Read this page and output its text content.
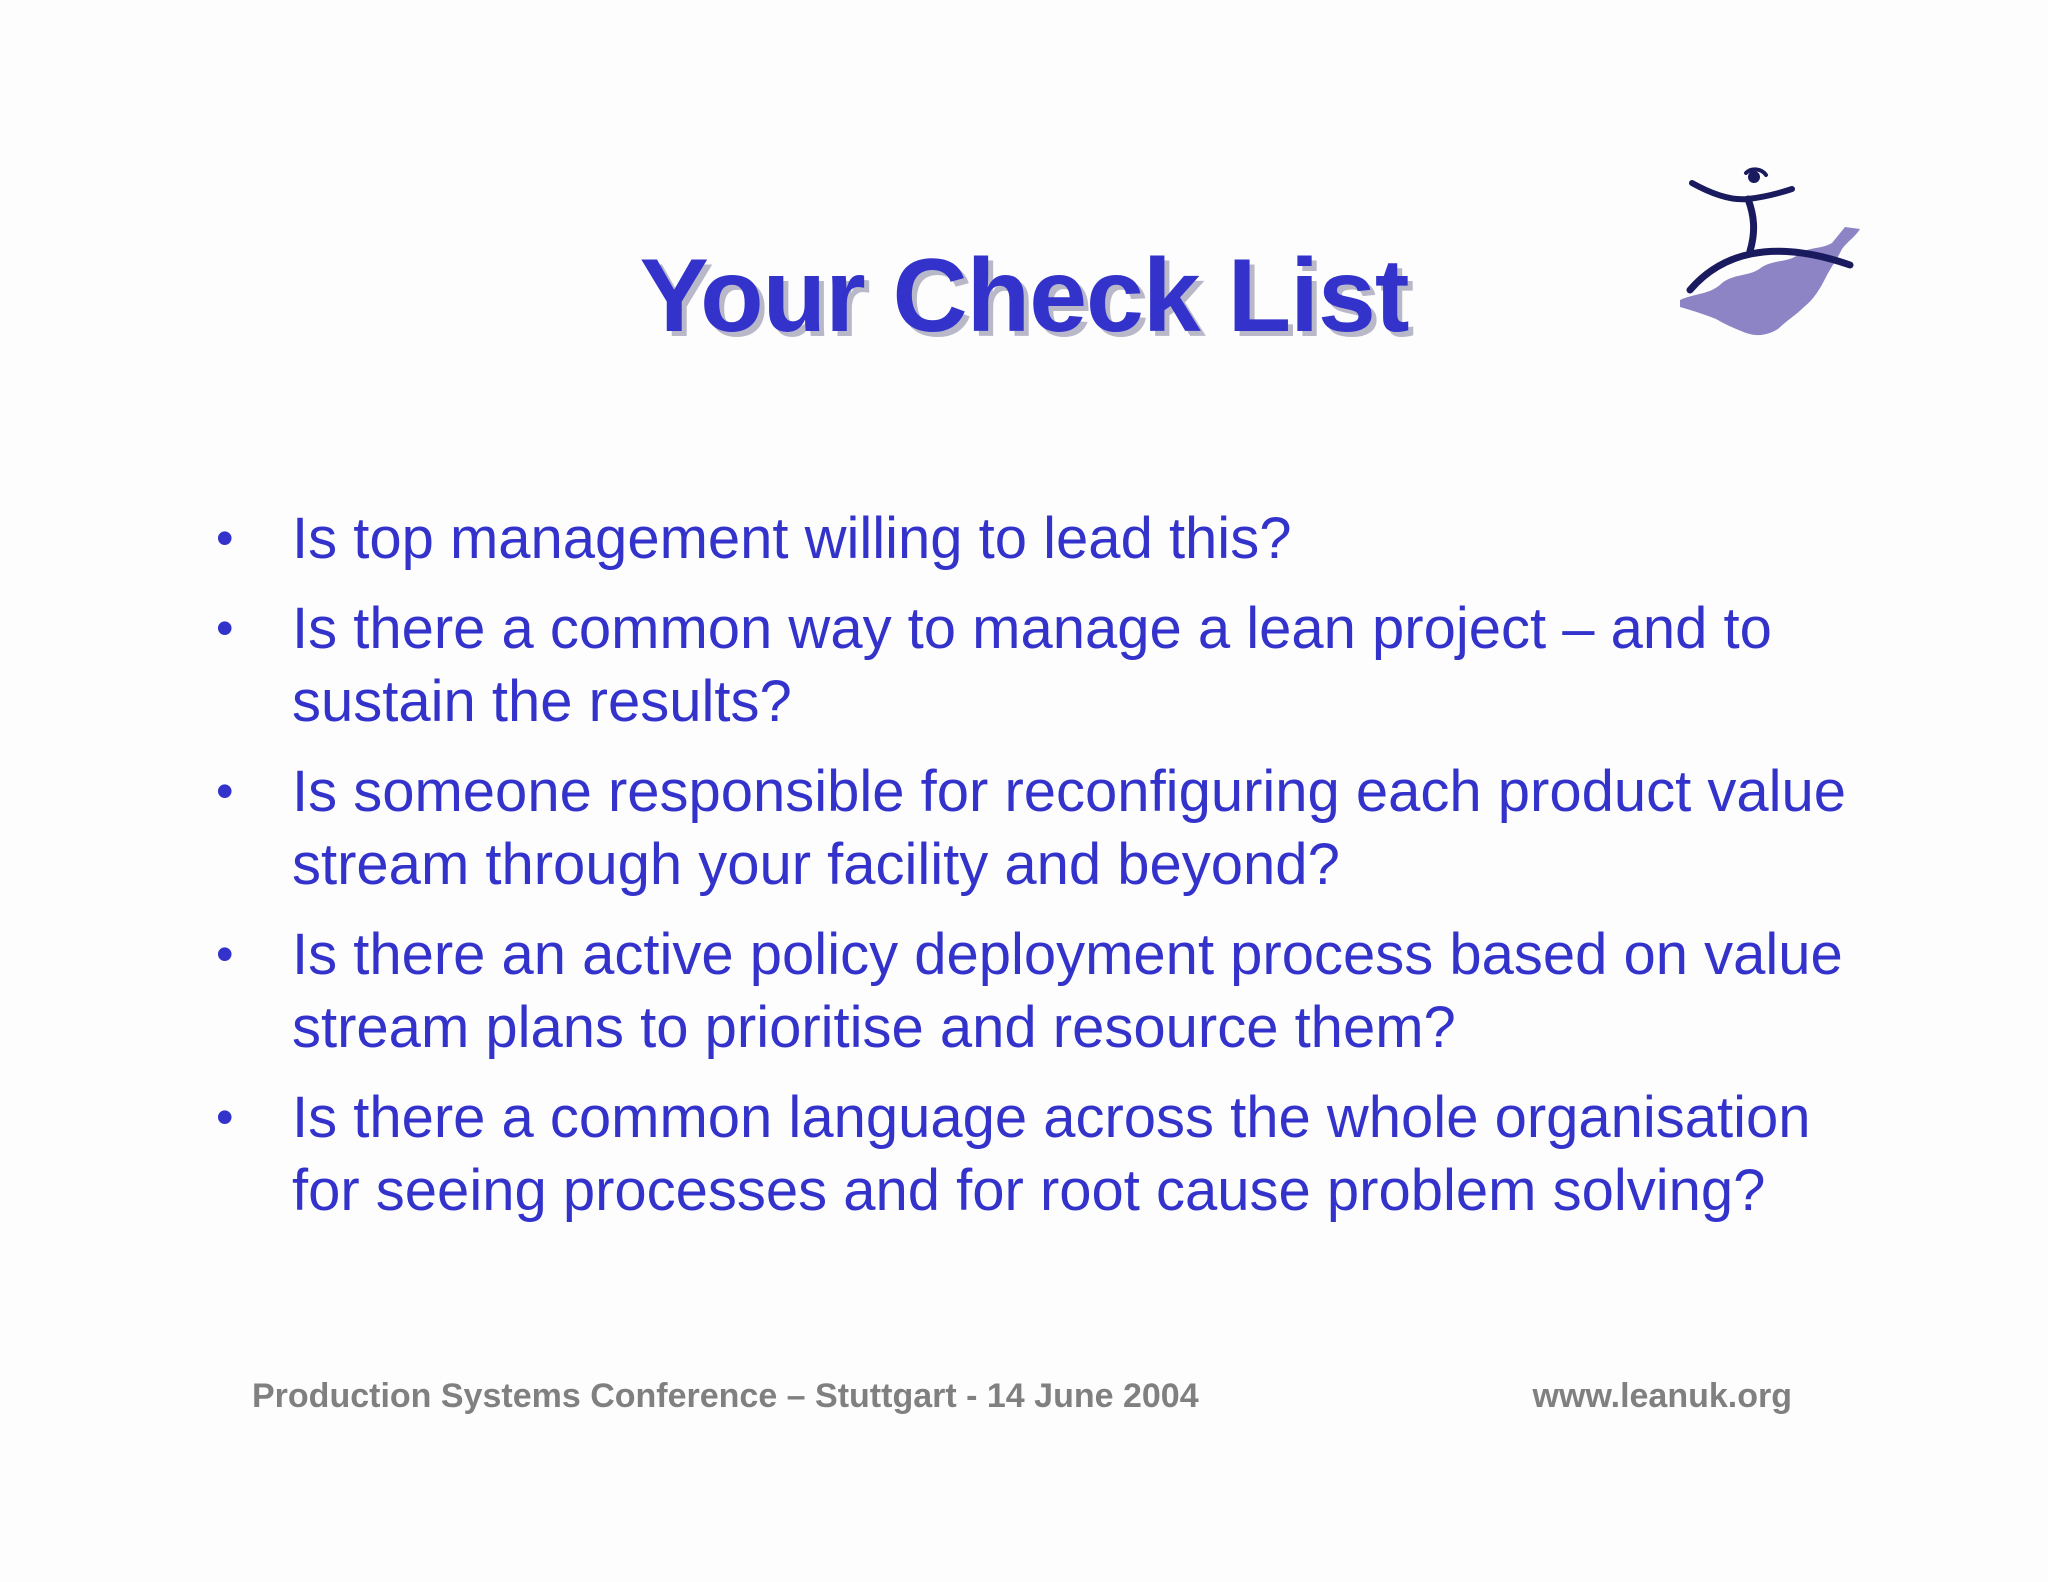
Your Check List
• Is top management willing to lead this?
• Is there a common way to manage a lean project – and to sustain the results?
• Is someone responsible for reconfiguring each product value stream through your facility and beyond?
• Is there an active policy deployment process based on value stream plans to prioritise and resource them?
• Is there a common language across the whole organisation for seeing processes and for root cause problem solving?
Production Systems Conference – Stuttgart - 14 June 2004	www.leanuk.org
